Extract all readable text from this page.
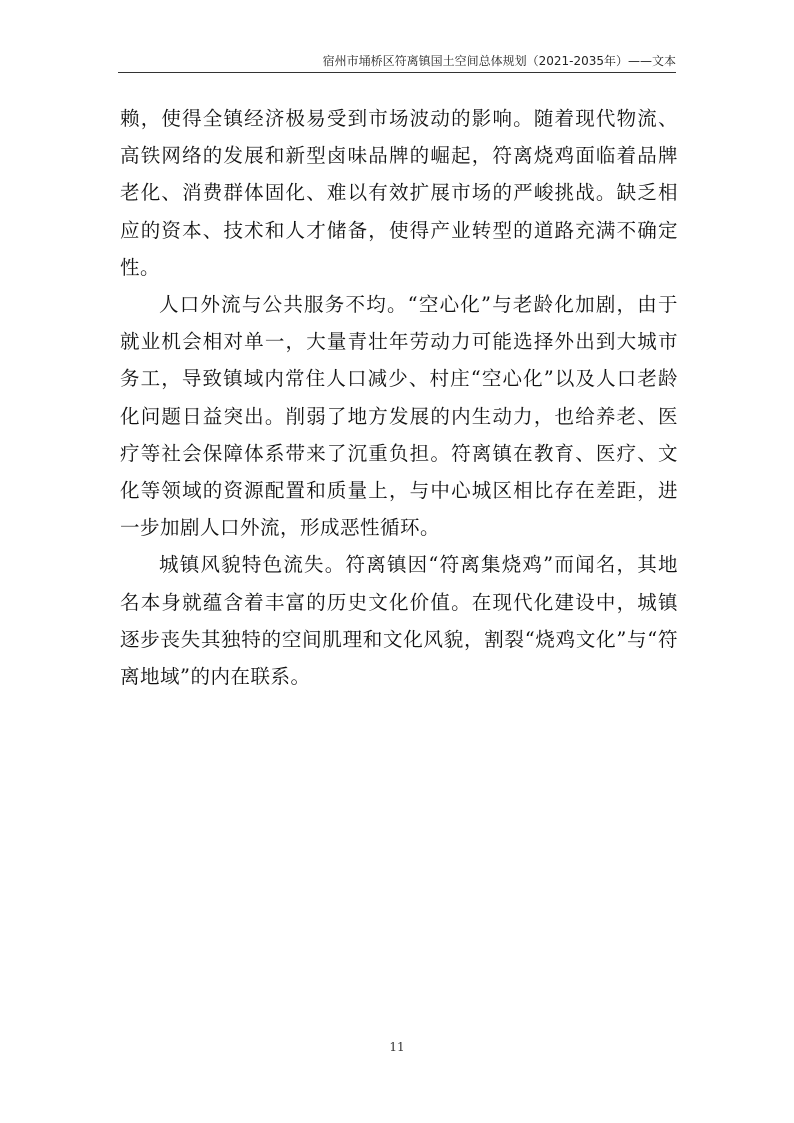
宿州市埇桥区符离镇国土空间总体规划（2021-2035年）——文本

赖，使得全镇经济极易受到市场波动的影响。随着现代物流、高铁网络的发展和新型卤味品牌的崛起，符离烧鸡面临着品牌老化、消费群体固化、难以有效扩展市场的严峻挑战。缺乏相应的资本、技术和人才储备，使得产业转型的道路充满不确定性。

人口外流与公共服务不均。“空心化”与老龄化加剧，由于就业机会相对单一，大量青壮年劳动力可能选择外出到大城市务工，导致镇域内常住人口减少、村庄“空心化”以及人口老龄化问题日益突出。削弱了地方发展的内生动力，也给养老、医疗等社会保障体系带来了沉重负担。符离镇在教育、医疗、文化等领域的资源配置和质量上，与中心城区相比存在差距，进一步加剧人口外流，形成恶性循环。

城镇风貌特色流失。符离镇因“符离集烧鸡”而闻名，其地名本身就蕴含着丰富的历史文化价值。在现代化建设中，城镇逐步丧失其独特的空间肌理和文化风貌，割裂“烧鸡文化”与“符离地域”的内在联系。

11
